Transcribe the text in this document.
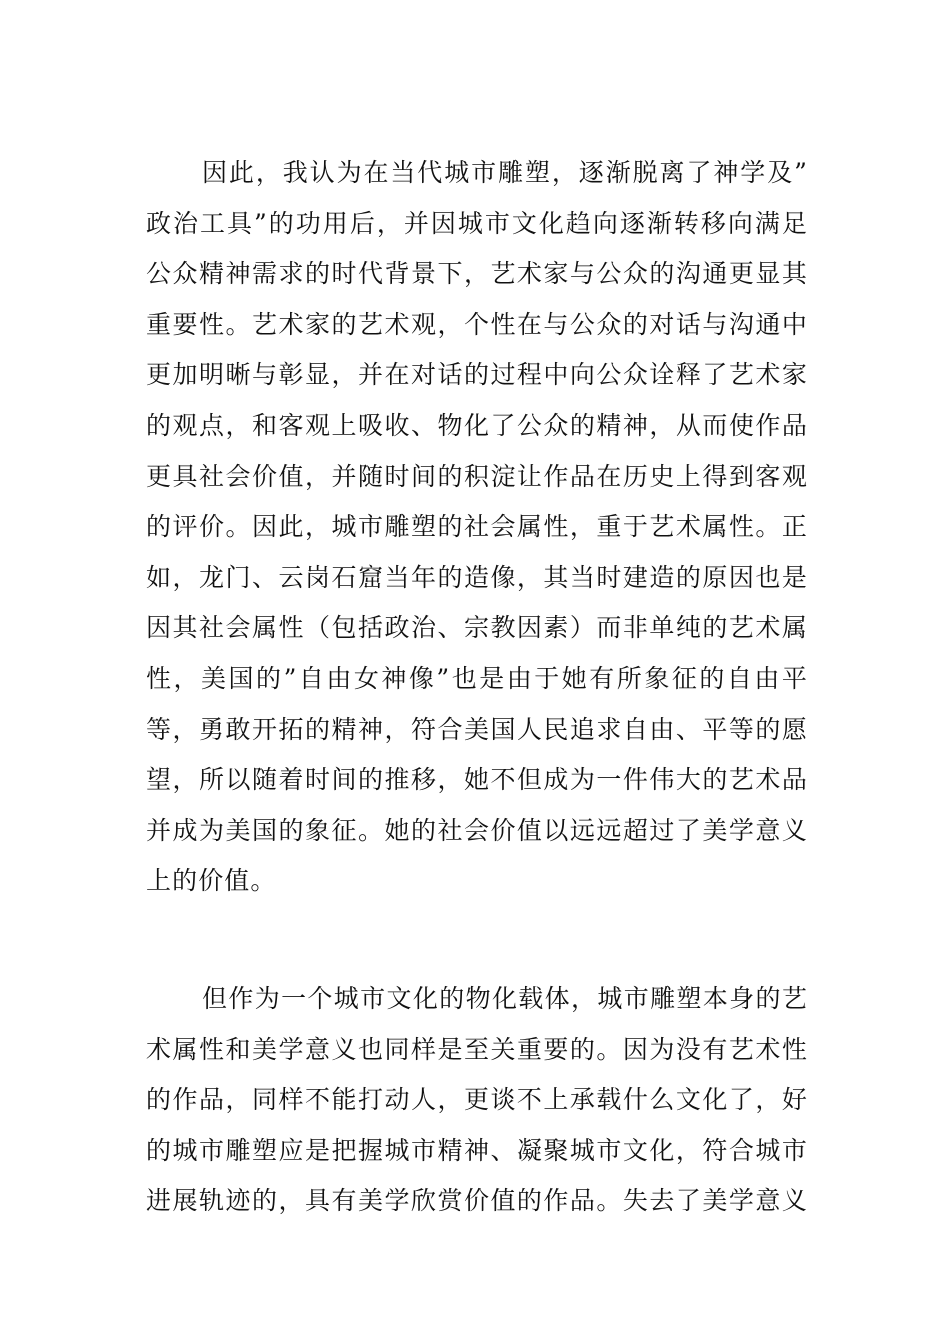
因此，我认为在当代城市雕塑，逐渐脱离了神学及”
政治工具”的功用后，并因城市文化趋向逐渐转移向满足
公众精神需求的时代背景下，艺术家与公众的沟通更显其
重要性。艺术家的艺术观，个性在与公众的对话与沟通中
更加明晰与彰显，并在对话的过程中向公众诠释了艺术家
的观点，和客观上吸收、物化了公众的精神，从而使作品
更具社会价值，并随时间的积淀让作品在历史上得到客观
的评价。因此，城市雕塑的社会属性，重于艺术属性。正
如，龙门、云岗石窟当年的造像，其当时建造的原因也是
因其社会属性（包括政治、宗教因素）而非单纯的艺术属
性，美国的”自由女神像”也是由于她有所象征的自由平
等，勇敢开拓的精神，符合美国人民追求自由、平等的愿
望，所以随着时间的推移，她不但成为一件伟大的艺术品
并成为美国的象征。她的社会价值以远远超过了美学意义
上的价值。
但作为一个城市文化的物化载体，城市雕塑本身的艺
术属性和美学意义也同样是至关重要的。因为没有艺术性
的作品，同样不能打动人，更谈不上承载什么文化了，好
的城市雕塑应是把握城市精神、凝聚城市文化，符合城市
进展轨迹的，具有美学欣赏价值的作品。失去了美学意义
